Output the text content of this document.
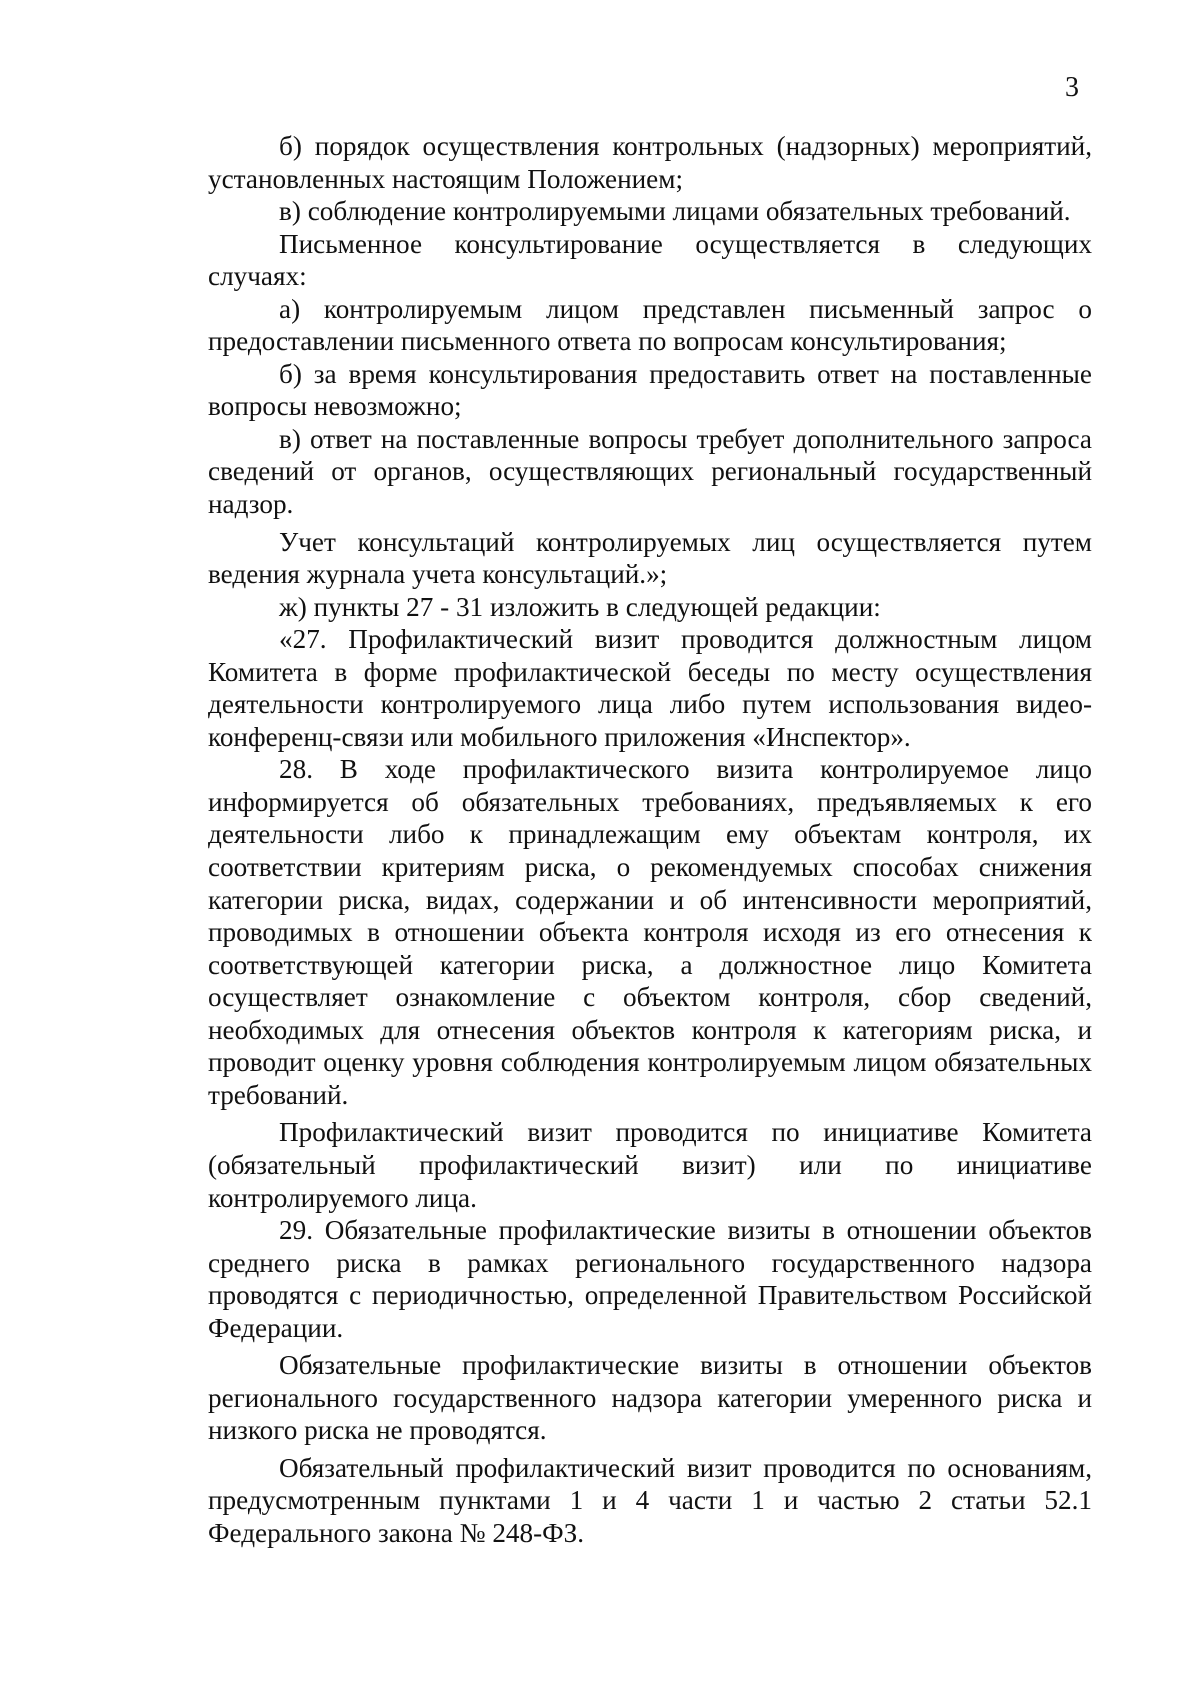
3

б) порядок осуществления контрольных (надзорных) мероприятий, установленных настоящим Положением;

в) соблюдение контролируемыми лицами обязательных требований.

Письменное консультирование осуществляется в следующих случаях:

а) контролируемым лицом представлен письменный запрос о предоставлении письменного ответа по вопросам консультирования;

б) за время консультирования предоставить ответ на поставленные вопросы невозможно;

в) ответ на поставленные вопросы требует дополнительного запроса сведений от органов, осуществляющих региональный государственный надзор.

Учет консультаций контролируемых лиц осуществляется путем ведения журнала учета консультаций.»;

ж) пункты 27 - 31 изложить в следующей редакции:

«27. Профилактический визит проводится должностным лицом Комитета в форме профилактической беседы по месту осуществления деятельности контролируемого лица либо путем использования видео-конференц-связи или мобильного приложения «Инспектор».

28. В ходе профилактического визита контролируемое лицо информируется об обязательных требованиях, предъявляемых к его деятельности либо к принадлежащим ему объектам контроля, их соответствии критериям риска, о рекомендуемых способах снижения категории риска, видах, содержании и об интенсивности мероприятий, проводимых в отношении объекта контроля исходя из его отнесения к соответствующей категории риска, а должностное лицо Комитета осуществляет ознакомление с объектом контроля, сбор сведений, необходимых для отнесения объектов контроля к категориям риска, и проводит оценку уровня соблюдения контролируемым лицом обязательных требований.

Профилактический визит проводится по инициативе Комитета (обязательный профилактический визит) или по инициативе контролируемого лица.

29. Обязательные профилактические визиты в отношении объектов среднего риска в рамках регионального государственного надзора проводятся с периодичностью, определенной Правительством Российской Федерации.

Обязательные профилактические визиты в отношении объектов регионального государственного надзора категории умеренного риска и низкого риска не проводятся.

Обязательный профилактический визит проводится по основаниям, предусмотренным пунктами 1 и 4 части 1 и частью 2 статьи 52.1 Федерального закона № 248-ФЗ.
